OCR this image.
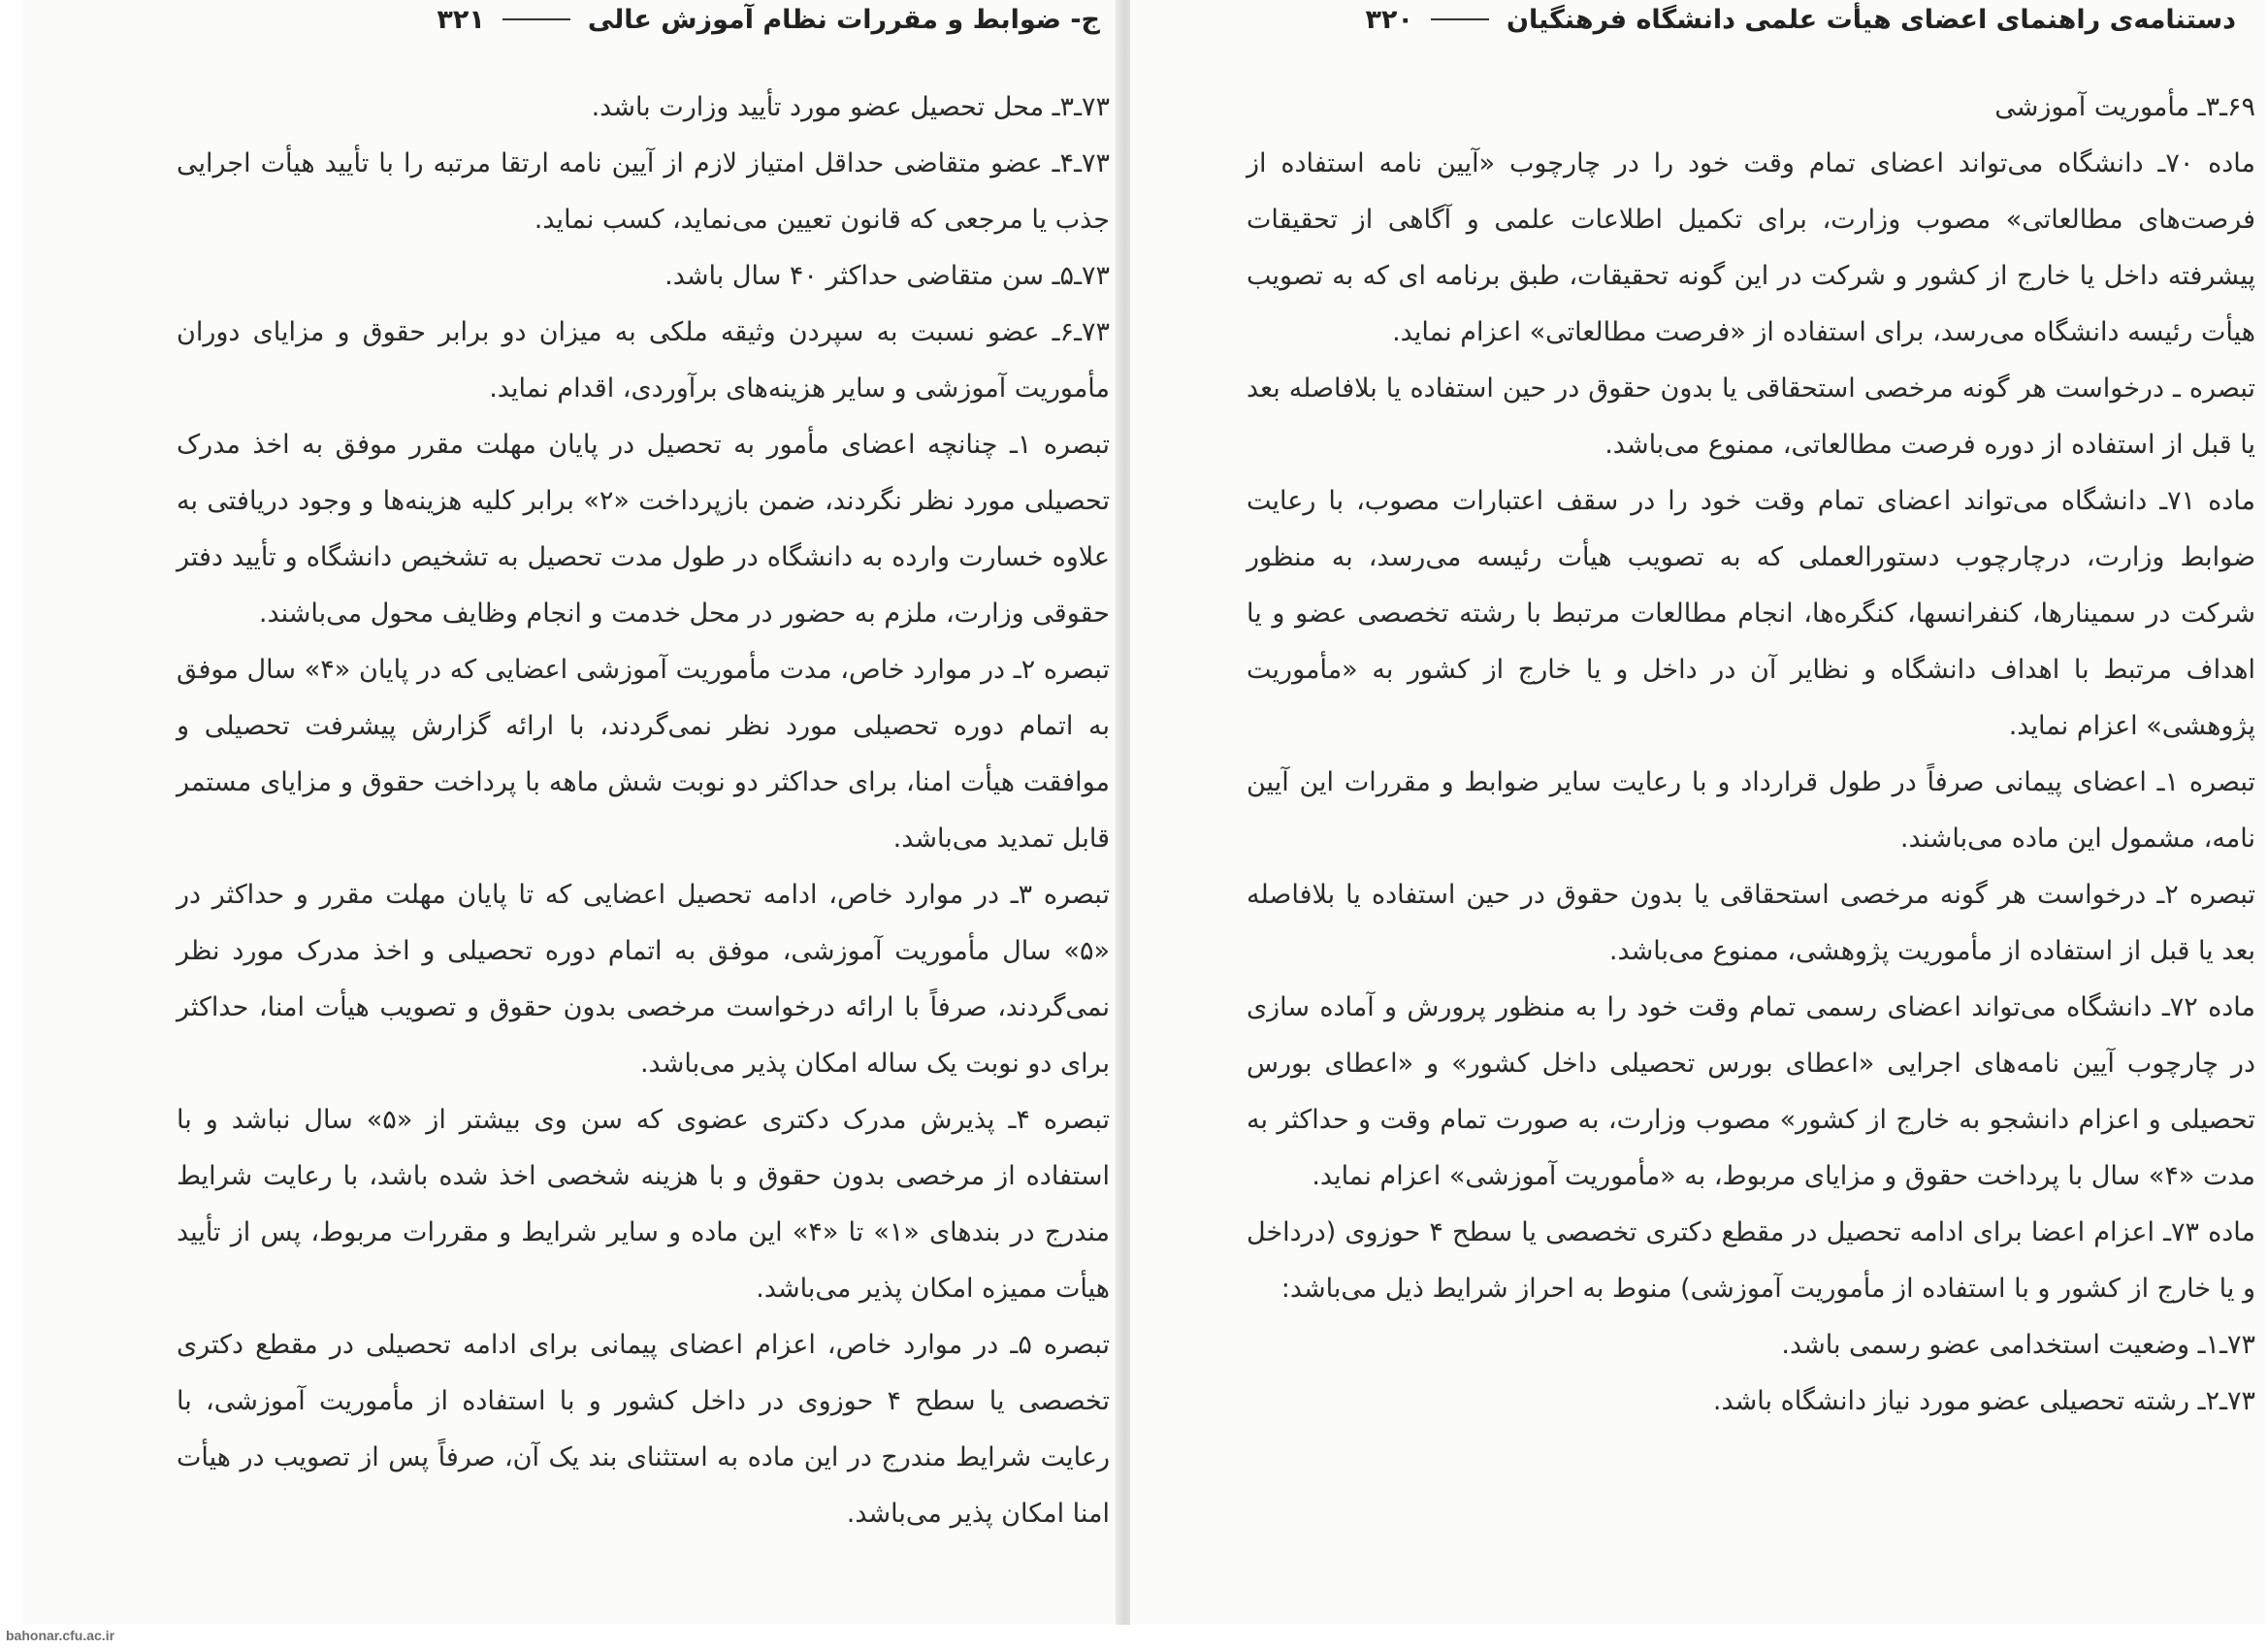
۳۲۱	ج- ضوابط و مقررات نظام آموزش عالی

۷۳ـ۳ـ محل تحصیل عضو مورد تأیید وزارت باشد.

۷۳ـ۴ـ عضو متقاضی حداقل امتیاز لازم از آیین نامه ارتقا مرتبه را با تأیید هیأت اجرایی جذب یا مرجعی که قانون تعیین می‌نماید، کسب نماید.

۷۳ـ۵ـ سن متقاضی حداکثر ۴۰ سال باشد.

۷۳ـ۶ـ عضو نسبت به سپردن وثیقه ملکی به میزان دو برابر حقوق و مزایای دوران مأموریت آموزشی و سایر هزینه‌های برآوردی، اقدام نماید.

تبصره ۱ـ چنانچه اعضای مأمور به تحصیل در پایان مهلت مقرر موفق به اخذ مدرک تحصیلی مورد نظر نگردند، ضمن بازپرداخت «۲» برابر کلیه هزینه‌ها و وجود دریافتی به علاوه خسارت وارده به دانشگاه در طول مدت تحصیل به تشخیص دانشگاه و تأیید دفتر حقوقی وزارت، ملزم به حضور در محل خدمت و انجام وظایف محول می‌باشند.

تبصره ۲ـ در موارد خاص، مدت مأموریت آموزشی اعضایی که در پایان «۴» سال موفق به اتمام دوره تحصیلی مورد نظر نمی‌گردند، با ارائه گزارش پیشرفت تحصیلی و موافقت هیأت امنا، برای حداکثر دو نوبت شش ماهه با پرداخت حقوق و مزایای مستمر قابل تمدید می‌باشد.

تبصره ۳ـ در موارد خاص، ادامه تحصیل اعضایی که تا پایان مهلت مقرر و حداکثر در «۵» سال مأموریت آموزشی، موفق به اتمام دوره تحصیلی و اخذ مدرک مورد نظر نمی‌گردند، صرفاً با ارائه درخواست مرخصی بدون حقوق و تصویب هیأت امنا، حداکثر برای دو نوبت یک ساله امکان پذیر می‌باشد.

تبصره ۴ـ پذیرش مدرک دکتری عضوی که سن وی بیشتر از «۵» سال نباشد و با استفاده از مرخصی بدون حقوق و با هزینه شخصی اخذ شده باشد، با رعایت شرایط مندرج در بندهای «۱» تا «۴» این ماده و سایر شرایط و مقررات مربوط، پس از تأیید هیأت ممیزه امکان پذیر می‌باشد.

تبصره ۵ـ در موارد خاص، اعزام اعضای پیمانی برای ادامه تحصیلی در مقطع دکتری تخصصی یا سطح ۴ حوزوی در داخل کشور و با استفاده از مأموریت آموزشی، با رعایت شرایط مندرج در این ماده به استثنای بند یک آن، صرفاً پس از تصویب در هیأت امنا امکان پذیر می‌باشد.

دستنامه‌ی راهنمای اعضای هیأت علمی دانشگاه فرهنگیان
۳۲۰

۶۹ـ۳ـ مأموریت آموزشی

ماده ۷۰ـ دانشگاه می‌تواند اعضای تمام وقت خود را در چارچوب «آیین نامه استفاده از فرصت‌های مطالعاتی» مصوب وزارت، برای تکمیل اطلاعات علمی و آگاهی از تحقیقات پیشرفته داخل یا خارج از کشور و شرکت در این گونه تحقیقات، طبق برنامه ای که به تصویب هیأت رئیسه دانشگاه می‌رسد، برای استفاده از «فرصت مطالعاتی» اعزام نماید.

تبصره ـ درخواست هر گونه مرخصی استحقاقی یا بدون حقوق در حین استفاده یا بلافاصله بعد یا قبل از استفاده از دوره فرصت مطالعاتی، ممنوع می‌باشد.

ماده ۷۱ـ دانشگاه می‌تواند اعضای تمام وقت خود را در سقف اعتبارات مصوب، با رعایت ضوابط وزارت، درچارچوب دستورالعملی که به تصویب هیأت رئیسه می‌رسد، به منظور شرکت در سمینارها، کنفرانسها، کنگره‌ها، انجام مطالعات مرتبط با رشته تخصصی عضو و یا اهداف مرتبط با اهداف دانشگاه و نظایر آن در داخل و یا خارج از کشور به «مأموریت پژوهشی» اعزام نماید.

تبصره ۱ـ اعضای پیمانی صرفاً در طول قرارداد و با رعایت سایر ضوابط و مقررات این آیین نامه، مشمول این ماده می‌باشند.

تبصره ۲ـ درخواست هر گونه مرخصی استحقاقی یا بدون حقوق در حین استفاده یا بلافاصله بعد یا قبل از استفاده از مأموریت پژوهشی، ممنوع می‌باشد.

ماده ۷۲ـ دانشگاه می‌تواند اعضای رسمی تمام وقت خود را به منظور پرورش و آماده سازی در چارچوب آیین نامه‌های اجرایی «اعطای بورس تحصیلی داخل کشور» و «اعطای بورس تحصیلی و اعزام دانشجو به خارج از کشور» مصوب وزارت، به صورت تمام وقت و حداکثر به مدت «۴» سال با پرداخت حقوق و مزایای مربوط، به «مأموریت آموزشی» اعزام نماید.

ماده ۷۳ـ اعزام اعضا برای ادامه تحصیل در مقطع دکتری تخصصی یا سطح ۴ حوزوی (درداخل و یا خارج از کشور و با استفاده از مأموریت آموزشی) منوط به احراز شرایط ذیل می‌باشد:

۷۳ـ۱ـ وضعیت استخدامی عضو رسمی باشد.

۷۳ـ۲ـ رشته تحصیلی عضو مورد نیاز دانشگاه باشد.

bahonar.cfu.ac.ir
